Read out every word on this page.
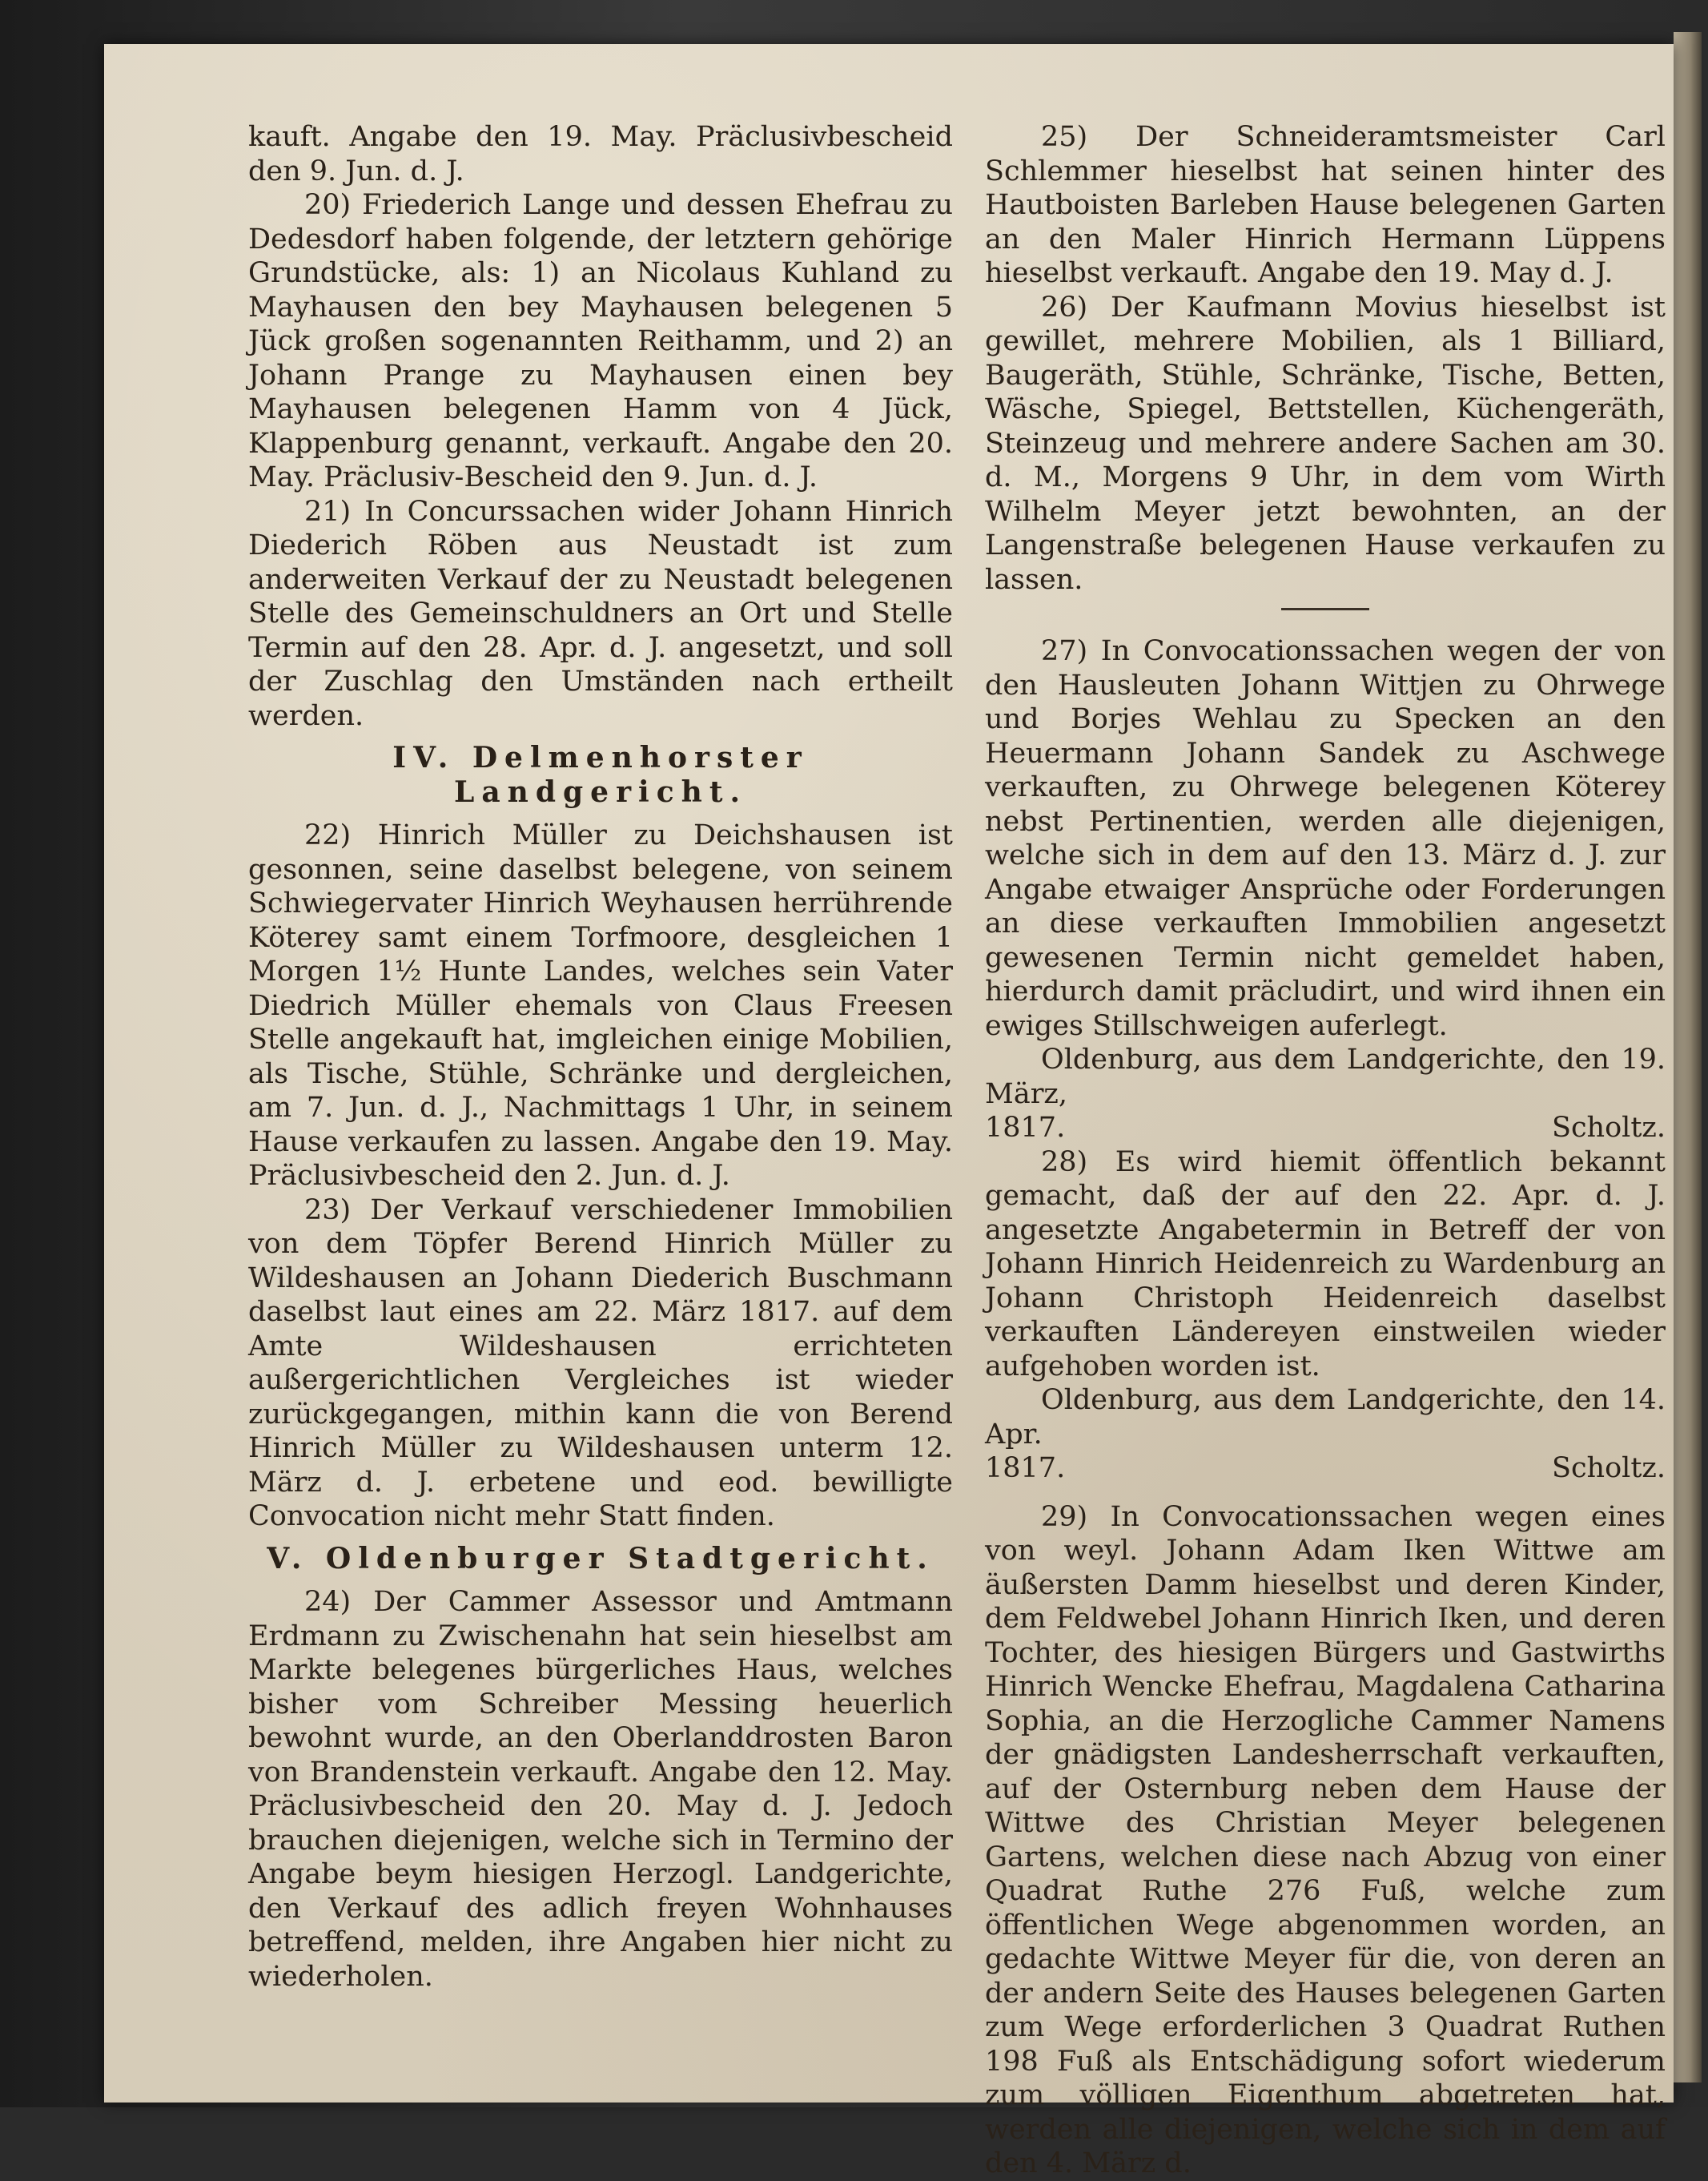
kauft. Angabe den 19. May. Präclusivbescheid den 9. Jun. d. J.

20) Friederich Lange und dessen Ehefrau zu Dedesdorf haben folgende, der letztern gehörige Grundstücke, als: 1) an Nicolaus Kuhland zu Mayhausen den bey Mayhausen belegenen 5 Jück großen sogenannten Reithamm, und 2) an Johann Prange zu Mayhausen einen bey Mayhausen belegenen Hamm von 4 Jück, Klappenburg genannt, verkauft. Angabe den 20. May. Präclusiv-Bescheid den 9. Jun. d. J.

21) In Concurssachen wider Johann Hinrich Diederich Röben aus Neustadt ist zum anderweiten Verkauf der zu Neustadt belegenen Stelle des Gemeinschuldners an Ort und Stelle Termin auf den 28. Apr. d. J. angesetzt, und soll der Zuschlag den Umständen nach ertheilt werden.

IV. Delmenhorster Landgericht.

22) Hinrich Müller zu Deichshausen ist gesonnen, seine daselbst belegene, von seinem Schwiegervater Hinrich Weyhausen herrührende Köterey samt einem Torfmoore, desgleichen 1 Morgen 1½ Hunte Landes, welches sein Vater Diedrich Müller ehemals von Claus Freesen Stelle angekauft hat, imgleichen einige Mobilien, als Tische, Stühle, Schränke und dergleichen, am 7. Jun. d. J., Nachmittags 1 Uhr, in seinem Hause verkaufen zu lassen. Angabe den 19. May. Präclusivbescheid den 2. Jun. d. J.

23) Der Verkauf verschiedener Immobilien von dem Töpfer Berend Hinrich Müller zu Wildeshausen an Johann Diederich Buschmann daselbst laut eines am 22. März 1817. auf dem Amte Wildeshausen errichteten außergerichtlichen Vergleiches ist wieder zurückgegangen, mithin kann die von Berend Hinrich Müller zu Wildeshausen unterm 12. März d. J. erbetene und eod. bewilligte Convocation nicht mehr Statt finden.

V. Oldenburger Stadtgericht.

24) Der Cammer Assessor und Amtmann Erdmann zu Zwischenahn hat sein hieselbst am Markte belegenes bürgerliches Haus, welches bisher vom Schreiber Messing heuerlich bewohnt wurde, an den Oberlanddrosten Baron von Brandenstein verkauft. Angabe den 12. May. Präclusivbescheid den 20. May d. J. Jedoch brauchen diejenigen, welche sich in Termino der Angabe beym hiesigen Herzogl. Landgerichte, den Verkauf des adlich freyen Wohnhauses betreffend, melden, ihre Angaben hier nicht zu wiederholen.

25) Der Schneideramtsmeister Carl Schlemmer hieselbst hat seinen hinter des Hautboisten Barleben Hause belegenen Garten an den Maler Hinrich Hermann Lüppens hieselbst verkauft. Angabe den 19. May d. J.

26) Der Kaufmann Movius hieselbst ist gewillet, mehrere Mobilien, als 1 Billiard, Baugeräth, Stühle, Schränke, Tische, Betten, Wäsche, Spiegel, Bettstellen, Küchengeräth, Steinzeug und mehrere andere Sachen am 30. d. M., Morgens 9 Uhr, in dem vom Wirth Wilhelm Meyer jetzt bewohnten, an der Langenstraße belegenen Hause verkaufen zu lassen.

27) In Convocationssachen wegen der von den Hausleuten Johann Wittjen zu Ohrwege und Borjes Wehlau zu Specken an den Heuermann Johann Sandek zu Aschwege verkauften, zu Ohrwege belegenen Köterey nebst Pertinentien, werden alle diejenigen, welche sich in dem auf den 13. März d. J. zur Angabe etwaiger Ansprüche oder Forderungen an diese verkauften Immobilien angesetzt gewesenen Termin nicht gemeldet haben, hierdurch damit präcludirt, und wird ihnen ein ewiges Stillschweigen auferlegt.

Oldenburg, aus dem Landgerichte, den 19. März,

1817.	Scholtz.

28) Es wird hiemit öffentlich bekannt gemacht, daß der auf den 22. Apr. d. J. angesetzte Angabetermin in Betreff der von Johann Hinrich Heidenreich zu Wardenburg an Johann Christoph Heidenreich daselbst verkauften Ländereyen einstweilen wieder aufgehoben worden ist.

Oldenburg, aus dem Landgerichte, den 14. Apr.

1817.	Scholtz.

29) In Convocationssachen wegen eines von weyl. Johann Adam Iken Wittwe am äußersten Damm hieselbst und deren Kinder, dem Feldwebel Johann Hinrich Iken, und deren Tochter, des hiesigen Bürgers und Gastwirths Hinrich Wencke Ehefrau, Magdalena Catharina Sophia, an die Herzogliche Cammer Namens der gnädigsten Landesherrschaft verkauften, auf der Osternburg neben dem Hause der Wittwe des Christian Meyer belegenen Gartens, welchen diese nach Abzug von einer Quadrat Ruthe 276 Fuß, welche zum öffentlichen Wege abgenommen worden, an gedachte Wittwe Meyer für die, von deren an der andern Seite des Hauses belegenen Garten zum Wege erforderlichen 3 Quadrat Ruthen 198 Fuß als Entschädigung sofort wiederum zum völligen Eigenthum abgetreten hat, werden alle diejenigen, welche sich in dem auf den 4. März d.
